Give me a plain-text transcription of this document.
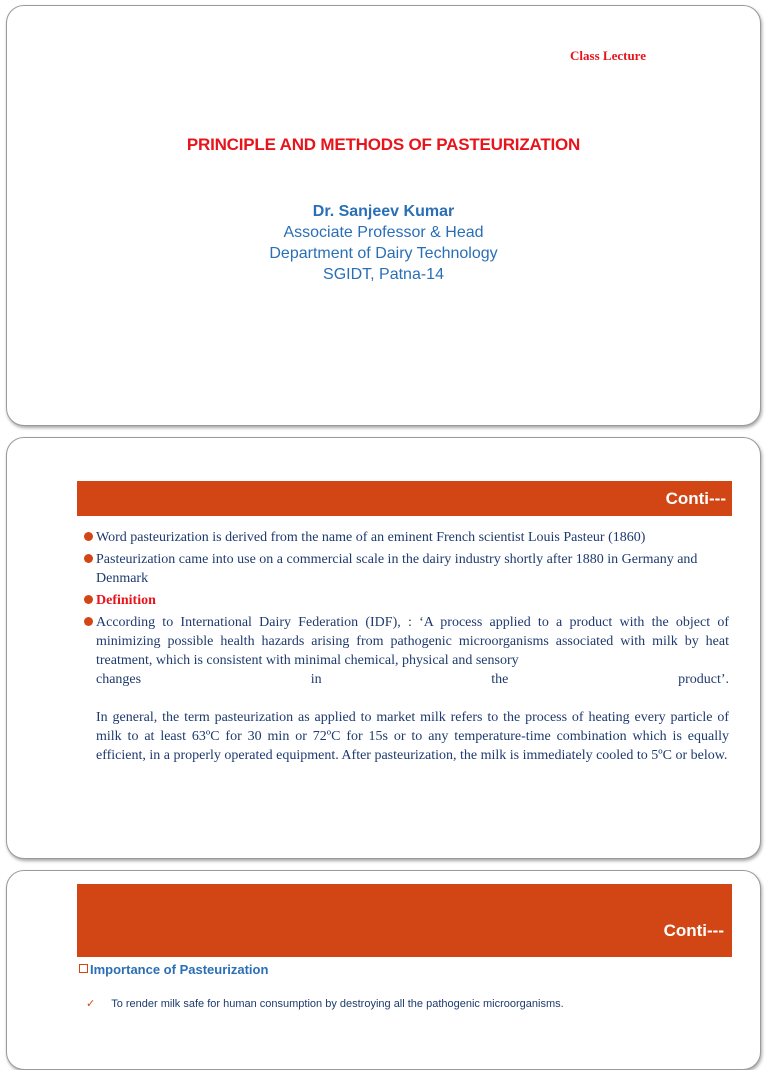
Class Lecture
PRINCIPLE AND METHODS OF PASTEURIZATION
Dr. Sanjeev Kumar
Associate Professor & Head
Department of Dairy Technology
SGIDT, Patna-14
Conti---
Word pasteurization is derived from the name of an eminent French scientist Louis Pasteur (1860)
Pasteurization came into use on a commercial scale in the dairy industry shortly after 1880 in Germany and Denmark
Definition
According to International Dairy Federation (IDF), : ‘A process applied to a product with the object of minimizing possible health hazards arising from pathogenic microorganisms associated with milk by heat treatment, which is consistent with minimal chemical, physical and sensory
changes	in	the	product’.
In general, the term pasteurization as applied to market milk refers to the process of heating every particle of milk to at least 63ºC for 30 min or 72ºC for 15s or to any temperature-time combination which is equally efficient, in a properly operated equipment. After pasteurization, the milk is immediately cooled to 5ºC or below.
Conti---
Importance of Pasteurization
✓ To render milk safe for human consumption by destroying all the pathogenic microorganisms.
